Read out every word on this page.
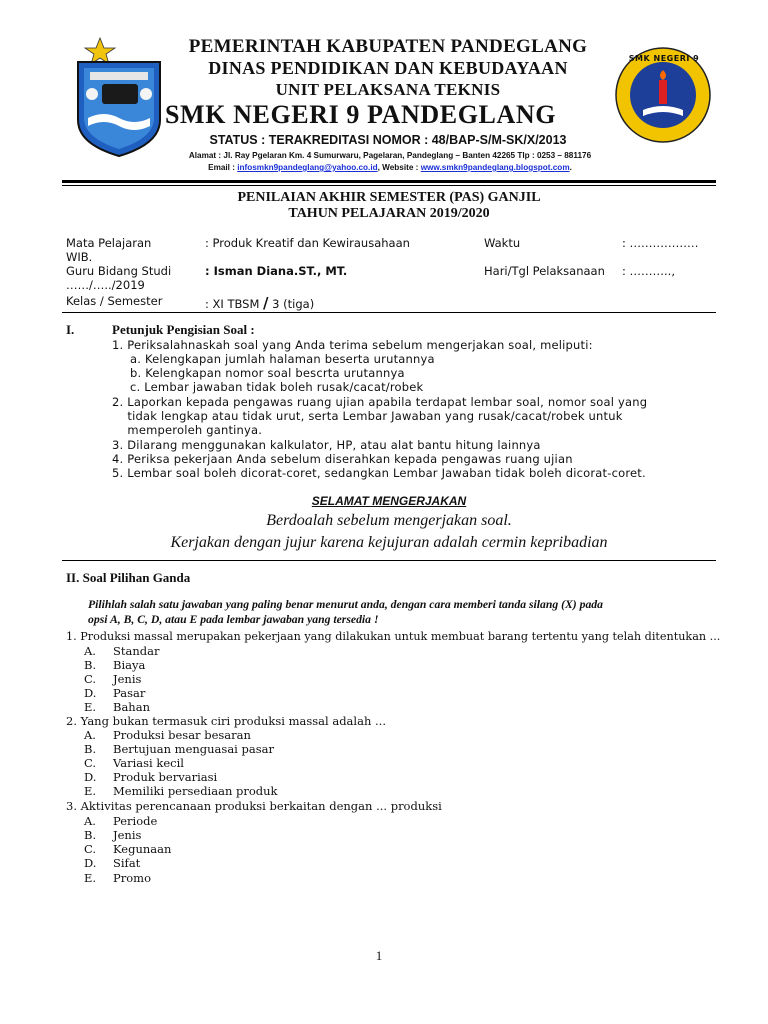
SMK NEGERI 9
PEMERINTAH KABUPATEN PANDEGLANG
DINAS PENDIDIKAN DAN KEBUDAYAAN
UNIT PELAKSANA TEKNIS
SMK NEGERI 9 PANDEGLANG
STATUS : TERAKREDITASI NOMOR : 48/BAP-S/M-SK/X/2013
Alamat : Jl. Ray Pgelaran Km. 4 Sumurwaru, Pagelaran, Pandeglang – Banten 42265 Tlp : 0253 – 881176
Email : infosmkn9pandeglang@yahoo.co.id, Website : www.smkn9pandeglang.blogspot.com.
PENILAIAN AKHIR SEMESTER (PAS) GANJIL
TAHUN PELAJARAN 2019/2020
Mata Pelajaran	: Produk Kreatif dan Kewirausahaan	Waktu	: ………………
WIB.
Guru Bidang Studi	: Isman Diana.ST., MT.	Hari/Tgl Pelaksanaan : ………..,
……/…../2019
Kelas / Semester	: XI TBSM / 3 (tiga)
I.	Petunjuk Pengisian Soal :
1. Periksalahnaskah soal yang Anda terima sebelum mengerjakan soal, meliputi:
a. Kelengkapan jumlah halaman beserta urutannya
b. Kelengkapan nomor soal bescrta urutannya
c. Lembar jawaban tidak boleh rusak/cacat/robek
2. Laporkan kepada pengawas ruang ujian apabila terdapat lembar soal, nomor soal yang
tidak lengkap atau tidak urut, serta Lembar Jawaban yang rusak/cacat/robek untuk
memperoleh gantinya.
3. Dilarang menggunakan kalkulator, HP, atau alat bantu hitung lainnya
4. Periksa pekerjaan Anda sebelum diserahkan kepada pengawas ruang ujian
5. Lembar soal boleh dicorat-coret, sedangkan Lembar Jawaban tidak boleh dicorat-coret.
SELAMAT MENGERJAKAN
Berdoalah sebelum mengerjakan soal.
Kerjakan dengan jujur karena kejujuran adalah cermin kepribadian
II. Soal Pilihan Ganda
Pilihlah salah satu jawaban yang paling benar menurut anda, dengan cara memberi tanda silang (X) pada
opsi A, B, C, D, atau E pada lembar jawaban yang tersedia !
1. Produksi massal merupakan pekerjaan yang dilakukan untuk membuat barang tertentu yang telah ditentukan ...
A. Standar
B. Biaya
C. Jenis
D. Pasar
E. Bahan
2. Yang bukan termasuk ciri produksi massal adalah ...
A. Produksi besar besaran
B. Bertujuan menguasai pasar
C. Variasi kecil
D. Produk bervariasi
E. Memiliki persediaan produk
3. Aktivitas perencanaan produksi berkaitan dengan ... produksi
A. Periode
B. Jenis
C. Kegunaan
D. Sifat
E. Promo
1
